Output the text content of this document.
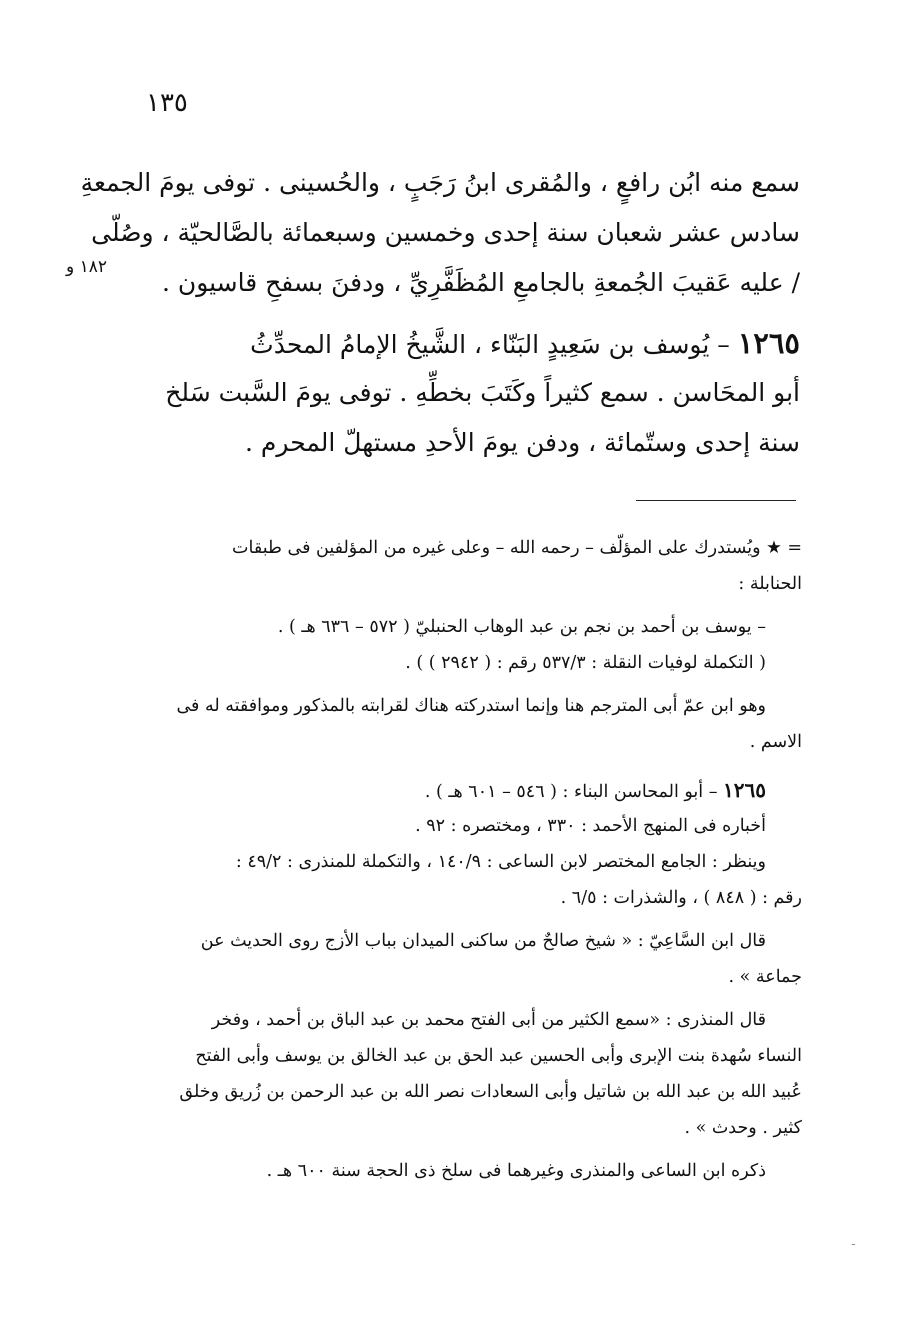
١٣٥
سمع منه ابُن رافعٍ ، والمُقرى ابنُ رَجَبٍ ، والحُسينى . توفى يومَ الجمعةِ
سادس عشر شعبان سنة إحدى وخمسين وسبعمائة بالصَّالحيّة ، وصُلّى
/ عليه عَقيبَ الجُمعةِ بالجامعِ المُظَفَّرِيِّ ، ودفنَ بسفحِ قاسيون .
١٨٢ و
١٢٦٥ – يُوسف بن سَعِيدٍ البَنّاء ، الشَّيخُ الإمامُ المحدِّثُ
أبو المحَاسن . سمع كثيراً وكَتَبَ بخطِّهِ . توفى يومَ السَّبت سَلخ
سنة إحدى وستّمائة ، ودفن يومَ الأحدِ مستهلّ المحرم .

= ★ ويُستدرك على المؤلّف – رحمه الله – وعلى غيره من المؤلفين فى طبقات
الحنابلة :

– يوسف بن أحمد بن نجم بن عبد الوهاب الحنبليّ ( ٥٧٢ – ٦٣٦ هـ ) .
( التكملة لوفيات النقلة : ٥٣٧/٣ رقم : ( ٢٩٤٢ ) ) .

وهو ابن عمّ أبى المترجم هنا وإنما استدركته هناك لقرابته بالمذكور وموافقته له فى
الاسم .

١٢٦٥ – أبو المحاسن البناء : ( ٥٤٦ – ٦٠١ هـ ) .
أخباره فى المنهج الأحمد : ٣٣٠ ، ومختصره : ٩٢ .
وينظر : الجامع المختصر لابن الساعى : ١٤٠/٩ ، والتكملة للمنذرى : ٤٩/٢ :
رقم : ( ٨٤٨ ) ، والشذرات : ٦/٥ .

قال ابن السَّاعِيّ : « شيخ صالحٌ من ساكنى الميدان بباب الأزج روى الحديث عن
جماعة » .

قال المنذرى : «سمع الكثير من أبى الفتح محمد بن عبد الباق بن أحمد ، وفخر
النساء سُهدة بنت الإبرى وأبى الحسين عبد الحق بن عبد الخالق بن يوسف وأبى الفتح
عُبيد الله بن عبد الله بن شاتيل وأبى السعادات نصر الله بن عبد الرحمن بن زُريق وخلق
كثير . وحدث » .

ذكره ابن الساعى والمنذرى وغيرهما فى سلخ ذى الحجة سنة ٦٠٠ هـ .
